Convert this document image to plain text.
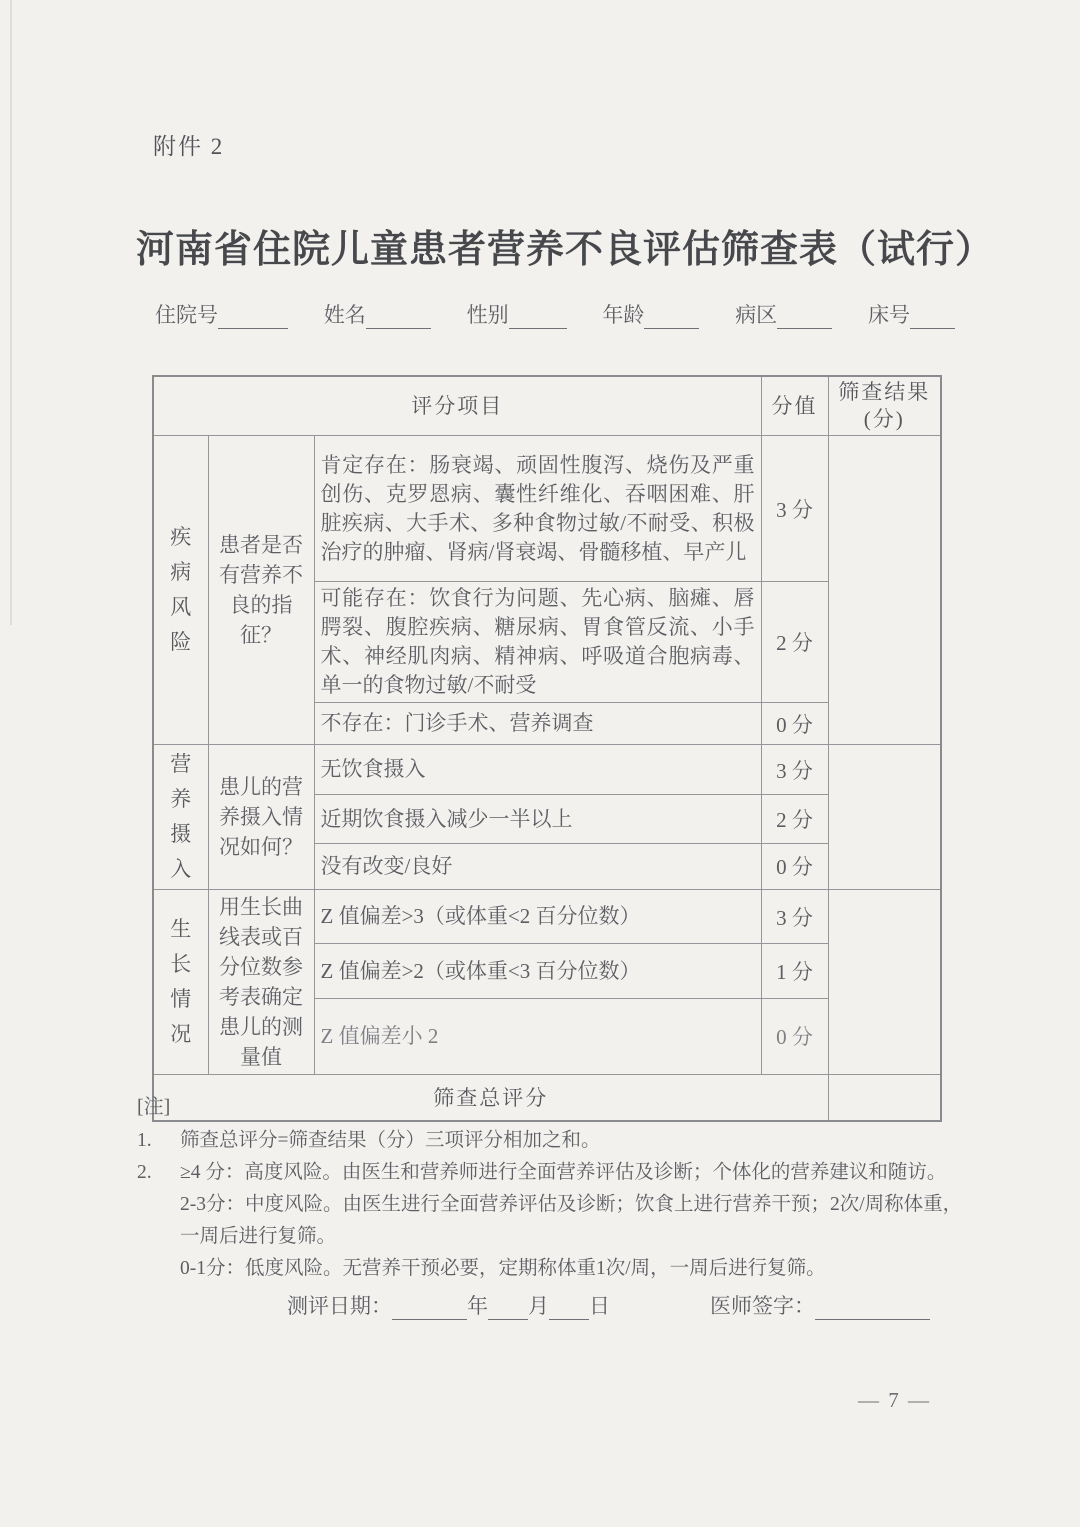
附件 2
河南省住院儿童患者营养不良评估筛查表（试行）
住院号	姓名	性别	年龄	病区	床号
评分项目			分值	筛查结果
(分)

疾病风险	患者是否有营养不良的指征？	肯定存在：肠衰竭、顽固性腹泻、烧伤及严重创伤、克罗恩病、囊性纤维化、吞咽困难、肝脏疾病、大手术、多种食物过敏/不耐受、积极治疗的肿瘤、肾病/肾衰竭、骨髓移植、早产儿	3 分	
		可能存在：饮食行为问题、先心病、脑瘫、唇腭裂、腹腔疾病、糖尿病、胃食管反流、小手术、神经肌肉病、精神病、呼吸道合胞病毒、单一的食物过敏/不耐受	2 分	
		不存在：门诊手术、营养调查	0 分	

营养摄入	患儿的营养摄入情况如何？	无饮食摄入	3 分	
		近期饮食摄入减少一半以上	2 分	
		没有改变/良好	0 分	

生长情况	用生长曲线表或百分位数参考表确定患儿的测量值	Z 值偏差>3（或体重<2 百分位数）	3 分	
		Z 值偏差>2（或体重<3 百分位数）	1 分	
		Z 值偏差小 2	0 分	
筛查总评分				
[注]
1.	筛查总评分=筛查结果（分）三项评分相加之和。
2.	≥4 分：高度风险。由医生和营养师进行全面营养评估及诊断；个体化的营养建议和随访。
2-3分：中度风险。由医生进行全面营养评估及诊断；饮食上进行营养干预；2次/周称体重，
一周后进行复筛。
0-1分：低度风险。无营养干预必要，定期称体重1次/周，一周后进行复筛。
测评日期：	年 月 日	医师签字：
— 7 —
